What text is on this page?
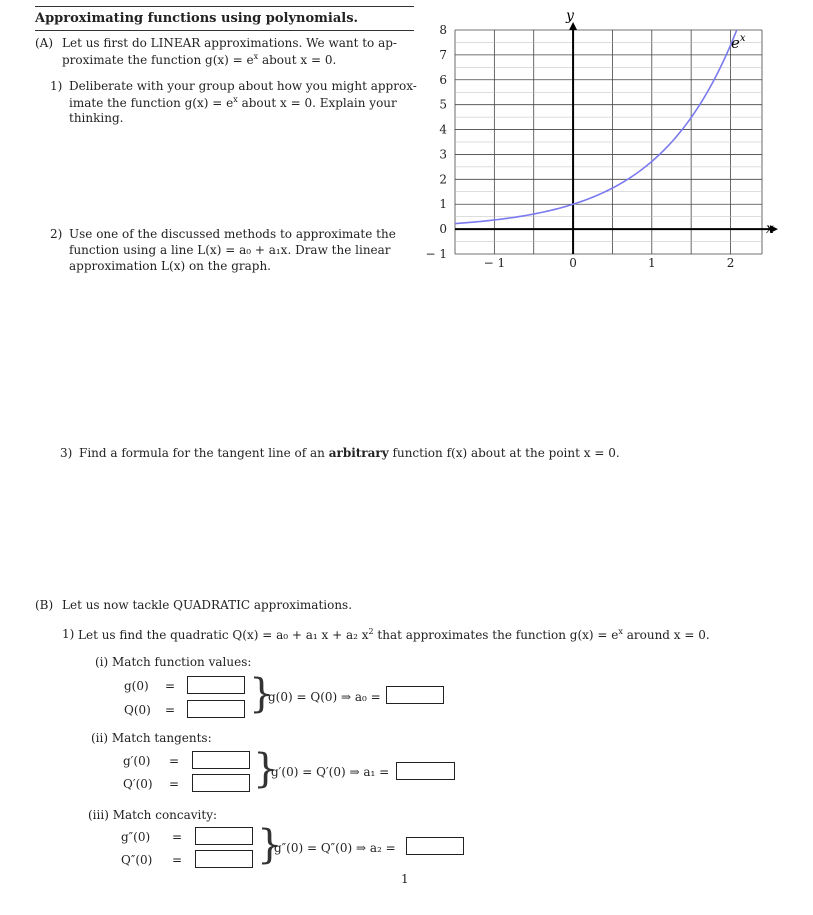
Approximating functions using polynomials.
(A) Let us first do LINEAR approximations. We want to ap-
proximate the function $g(x) = e^x$ about x = 0.
1) Deliberate with your group about how you might approx-
imate the function $g(x) = e^x$ about x = 0. Explain your
thinking.
2) Use one of the discussed methods to approximate the
function using a line L(x) = a₀ + a₁x. Draw the linear
approximation L(x) on the graph.
8
7
6
5
4
3
2
1
0
− 1
− 1	0	1	2
y
x
$e^x$
3) Find a formula for the tangent line of an arbitrary function f(x) about at the point x = 0.
(B) Let us now tackle QUADRATIC approximations.
1) Let us find the quadratic Q(x) = a₀ + a₁ x + a₂ $x^2$ that approximates the function $g(x) = e^x$ around x = 0.
(i) Match function values:
g(0) =
Q(0) = }
g(0) = Q(0) ⇒ a₀ =
(ii) Match tangents:
g′(0) =
Q′(0) = }
g′(0) = Q′(0) ⇒ a₁ =
(iii) Match concavity:
g″(0) =
Q″(0) = }
g″(0) = Q″(0) ⇒ a₂ =
1
